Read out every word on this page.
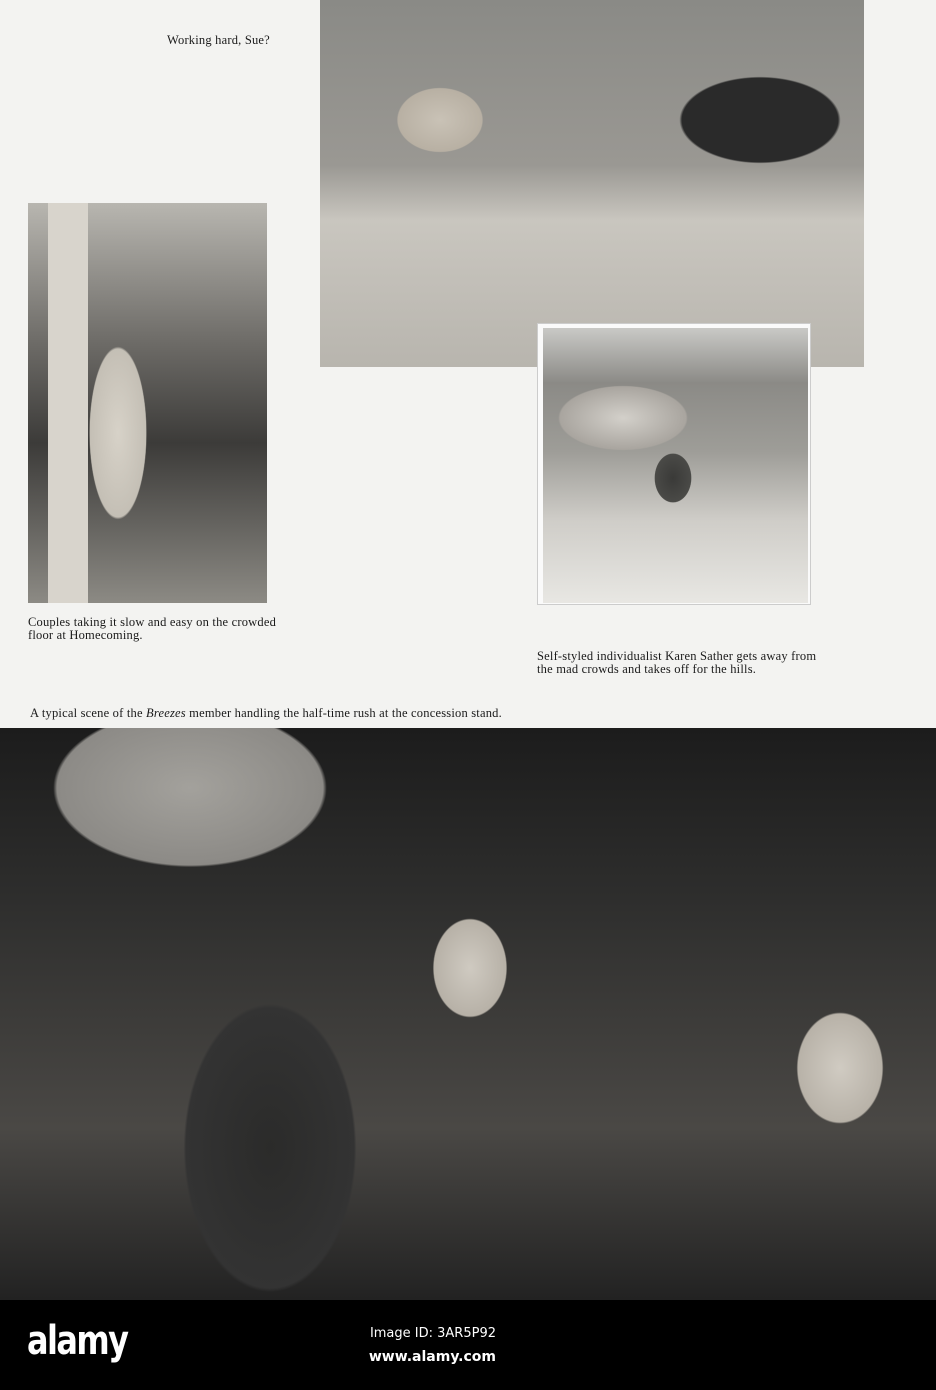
Working hard, Sue?
Couples taking it slow and easy on the crowded floor at Homecoming.
Self-styled individualist Karen Sather gets away from the mad crowds and takes off for the hills.
A typical scene of the Breezes member handling the half-time rush at the concession stand.
alamy	Image ID: 3AR5P92
www.alamy.com
